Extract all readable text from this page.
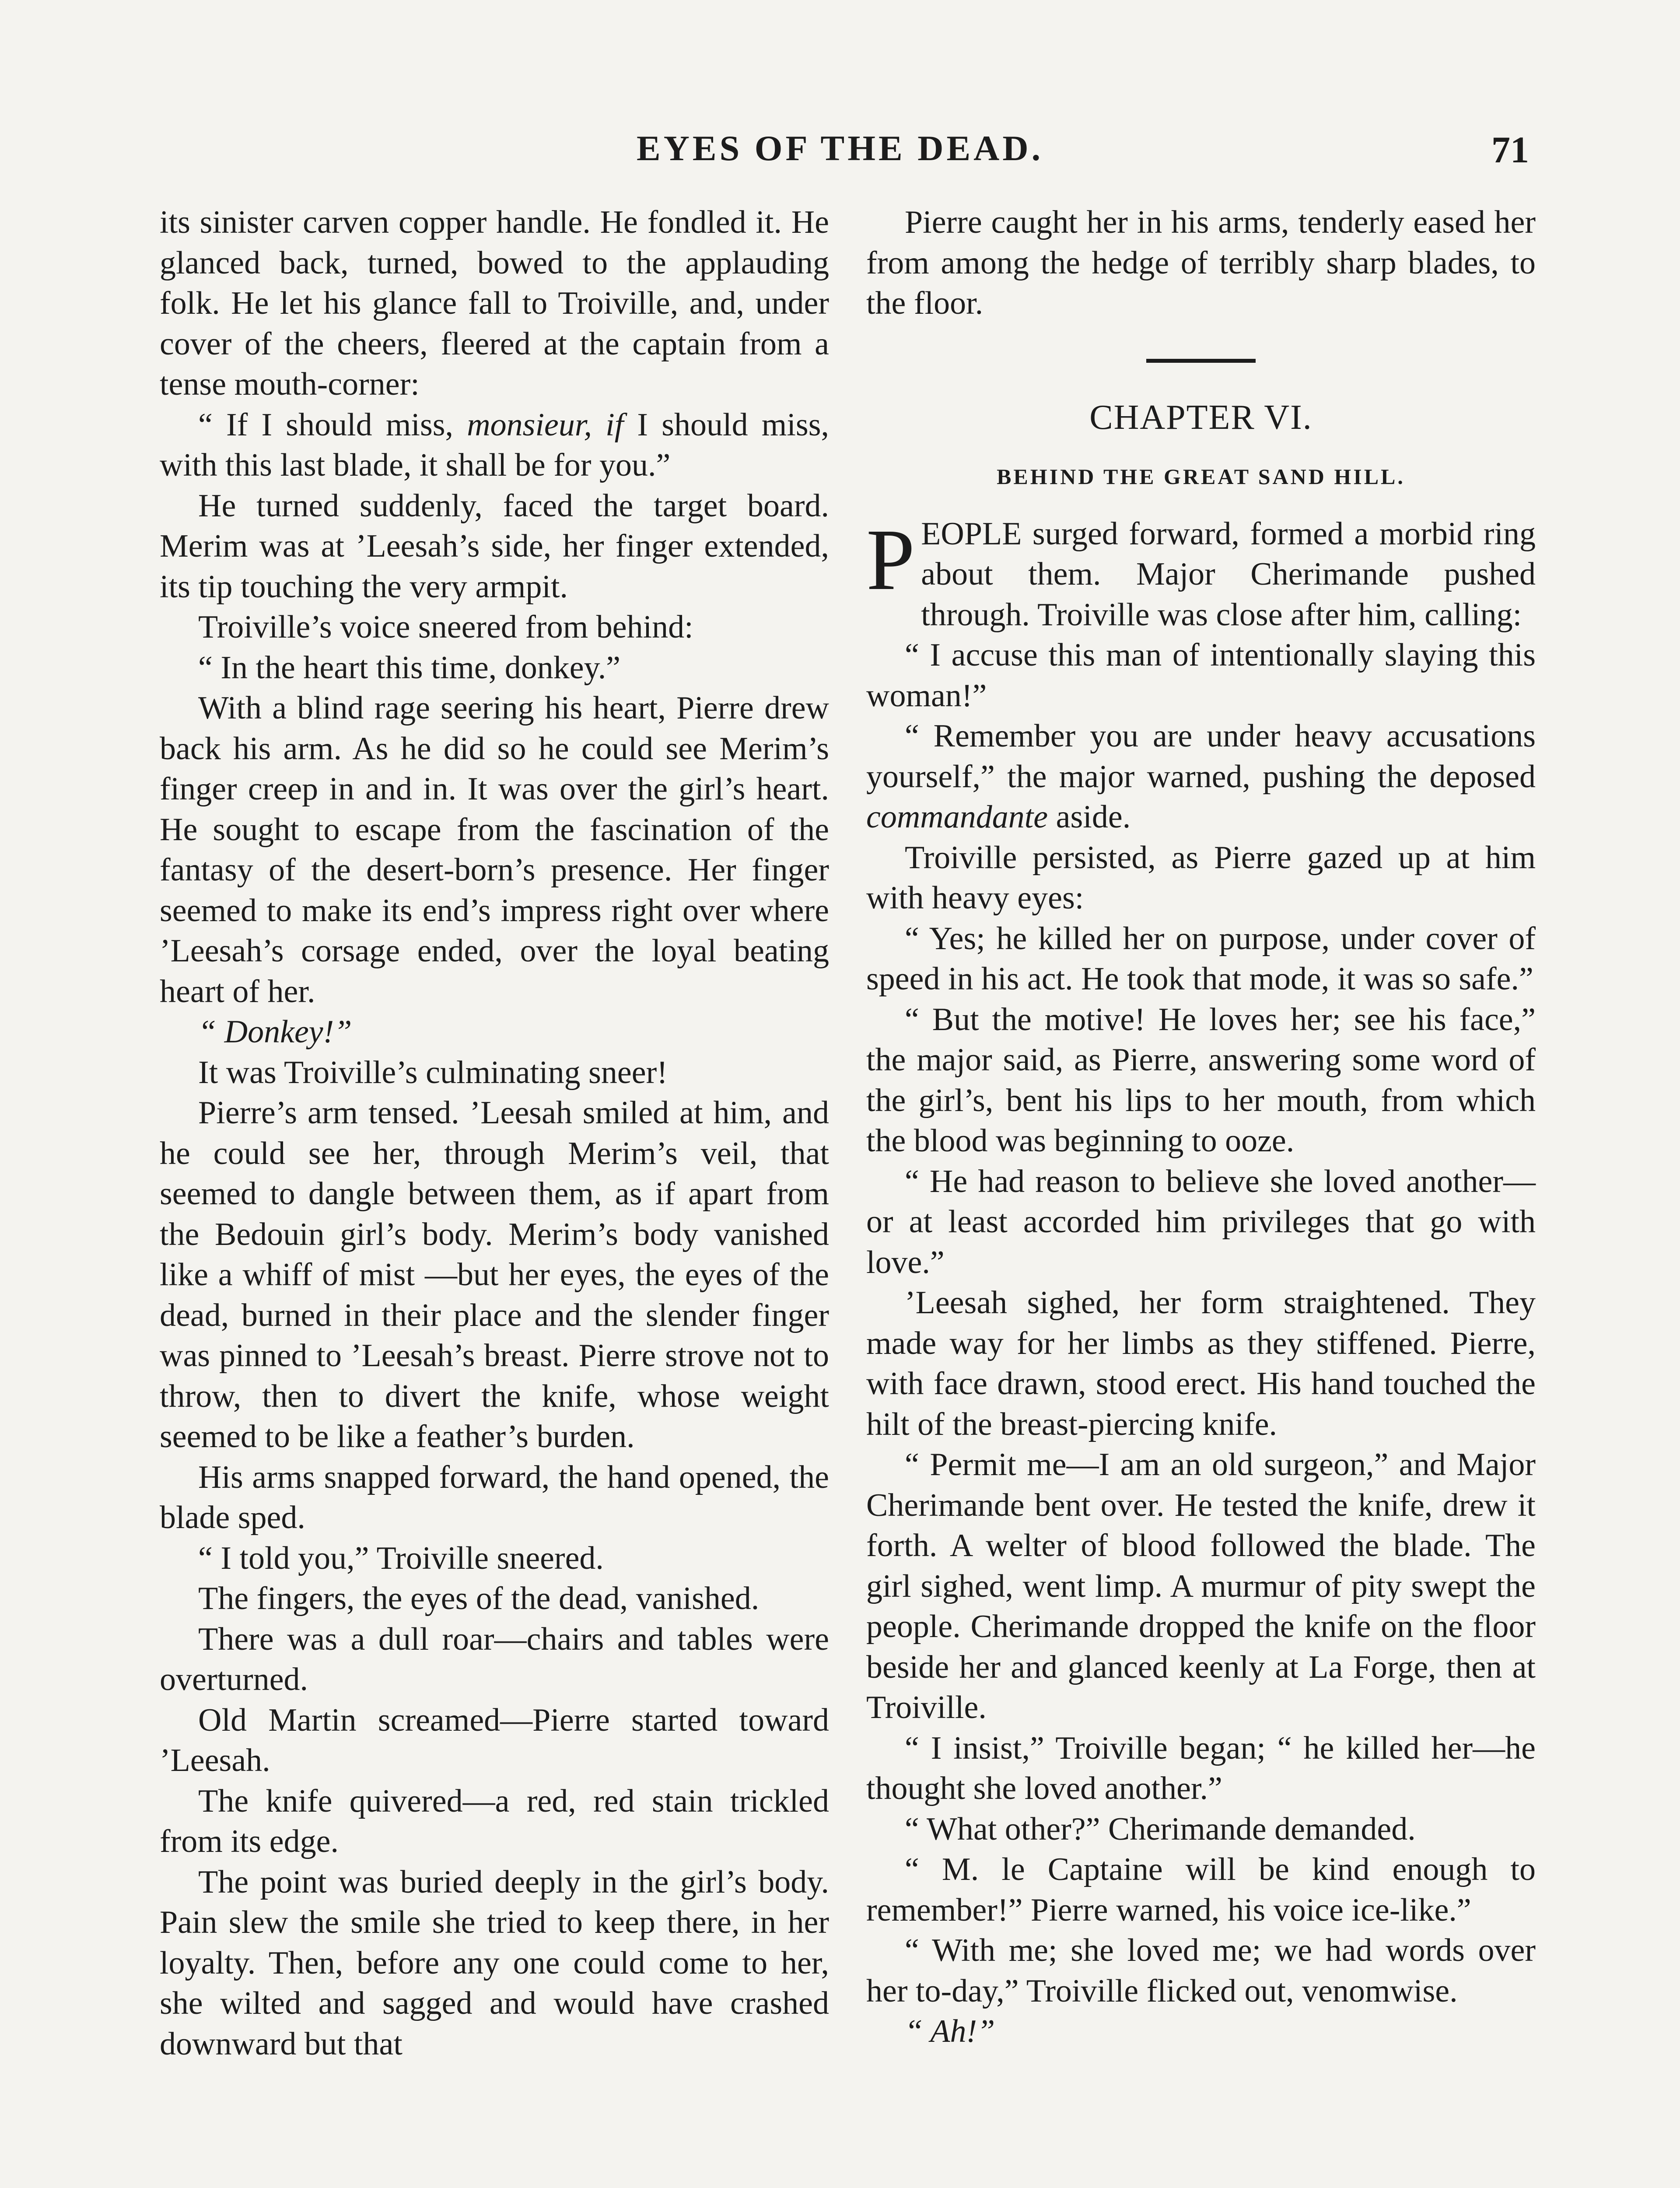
EYES OF THE DEAD.	71

its sinister carven copper handle. He fondled it. He glanced back, turned, bowed to the applauding folk. He let his glance fall to Troiville, and, under cover of the cheers, fleered at the captain from a tense mouth-corner:

“ If I should miss, monsieur, if I should miss, with this last blade, it shall be for you.”

He turned suddenly, faced the target board. Merim was at ’Leesah’s side, her finger extended, its tip touching the very armpit.

Troiville’s voice sneered from behind:

“ In the heart this time, donkey.”

With a blind rage seering his heart, Pierre drew back his arm. As he did so he could see Merim’s finger creep in and in. It was over the girl’s heart. He sought to escape from the fascination of the fantasy of the desert-born’s presence. Her finger seemed to make its end’s impress right over where ’Leesah’s corsage ended, over the loyal beating heart of her.

“ Donkey!”

It was Troiville’s culminating sneer!

Pierre’s arm tensed. ’Leesah smiled at him, and he could see her, through Merim’s veil, that seemed to dangle between them, as if apart from the Bedouin girl’s body. Merim’s body vanished like a whiff of mist —but her eyes, the eyes of the dead, burned in their place and the slender finger was pinned to ’Leesah’s breast. Pierre strove not to throw, then to divert the knife, whose weight seemed to be like a feather’s burden.

His arms snapped forward, the hand opened, the blade sped.

“ I told you,” Troiville sneered.

The fingers, the eyes of the dead, vanished.

There was a dull roar—chairs and tables were overturned.

Old Martin screamed—Pierre started toward ’Leesah.

The knife quivered—a red, red stain trickled from its edge.

The point was buried deeply in the girl’s body. Pain slew the smile she tried to keep there, in her loyalty. Then, before any one could come to her, she wilted and sagged and would have crashed downward but that

Pierre caught her in his arms, tenderly eased her from among the hedge of terribly sharp blades, to the floor.

CHAPTER VI.
BEHIND THE GREAT SAND HILL.

PEOPLE surged forward, formed a morbid ring about them. Major Cherimande pushed through. Troiville was close after him, calling:

“ I accuse this man of intentionally slaying this woman!”

“ Remember you are under heavy accusations yourself,” the major warned, pushing the deposed commandante aside.

Troiville persisted, as Pierre gazed up at him with heavy eyes:

“ Yes; he killed her on purpose, under cover of speed in his act. He took that mode, it was so safe.”

“ But the motive! He loves her; see his face,” the major said, as Pierre, answering some word of the girl’s, bent his lips to her mouth, from which the blood was beginning to ooze.

“ He had reason to believe she loved another—or at least accorded him privileges that go with love.”

’Leesah sighed, her form straightened. They made way for her limbs as they stiffened. Pierre, with face drawn, stood erect. His hand touched the hilt of the breast-piercing knife.

“ Permit me—I am an old surgeon,” and Major Cherimande bent over. He tested the knife, drew it forth. A welter of blood followed the blade. The girl sighed, went limp. A murmur of pity swept the people. Cherimande dropped the knife on the floor beside her and glanced keenly at La Forge, then at Troiville.

“ I insist,” Troiville began; “ he killed her—he thought she loved another.”

“ What other?” Cherimande demanded.

“ M. le Captaine will be kind enough to remember!” Pierre warned, his voice ice-like.”

“ With me; she loved me; we had words over her to-day,” Troiville flicked out, venomwise.

“ Ah!”
